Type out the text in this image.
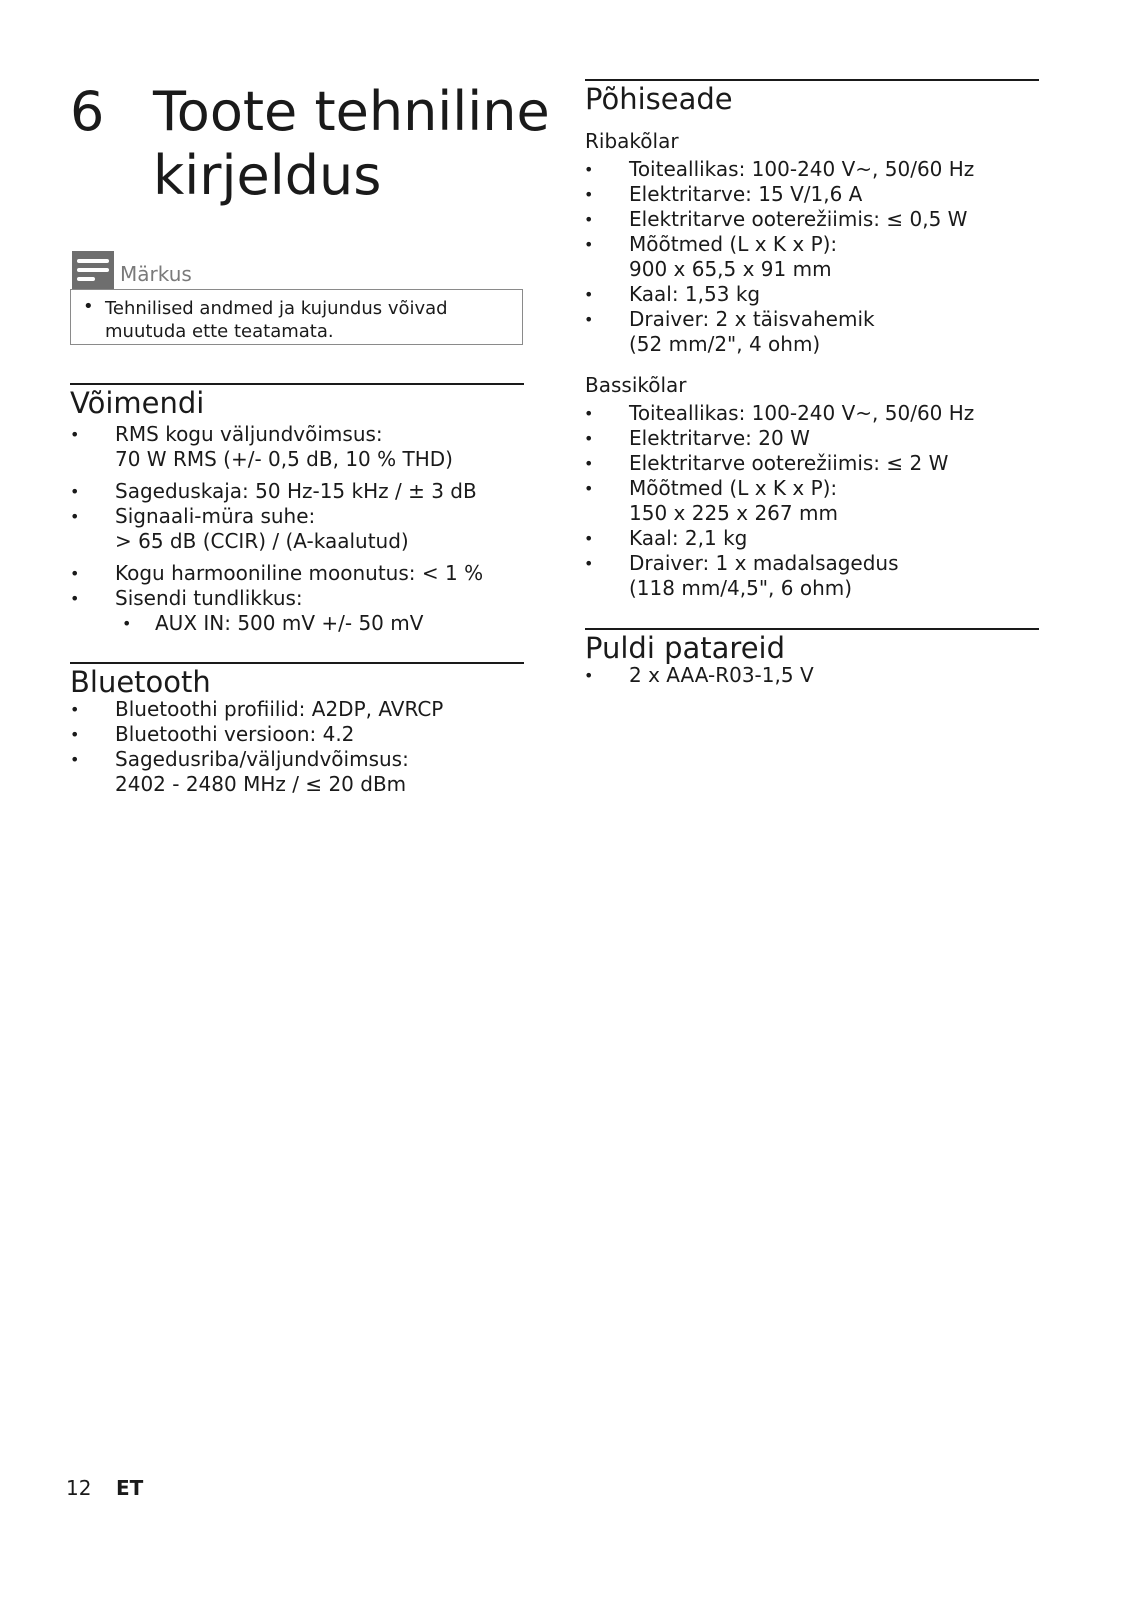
6 Toote tehniline kirjeldus
Märkus
• Tehnilised andmed ja kujundus võivad muutuda ette teatamata.
Võimendi
• RMS kogu väljundvõimsus:
70 W RMS (+/- 0,5 dB, 10 % THD)
• Sageduskaja: 50 Hz-15 kHz / ± 3 dB
• Signaali-müra suhe:
> 65 dB (CCIR) / (A-kaalutud)
• Kogu harmooniline moonutus: < 1 %
• Sisendi tundlikkus:
• AUX IN: 500 mV +/- 50 mV
Bluetooth
• Bluetoothi profiilid: A2DP, AVRCP
• Bluetoothi versioon: 4.2
• Sagedusriba/väljundvõimsus:
2402 - 2480 MHz / ≤ 20 dBm
Põhiseade
Ribakõlar
• Toiteallikas: 100-240 V~, 50/60 Hz
• Elektritarve: 15 V/1,6 A
• Elektritarve ooterežiimis: ≤ 0,5 W
• Mõõtmed (L x K x P):
900 x 65,5 x 91 mm
• Kaal: 1,53 kg
• Draiver: 2 x täisvahemik
(52 mm/2", 4 ohm)
Bassikõlar
• Toiteallikas: 100-240 V~, 50/60 Hz
• Elektritarve: 20 W
• Elektritarve ooterežiimis: ≤ 2 W
• Mõõtmed (L x K x P):
150 x 225 x 267 mm
• Kaal: 2,1 kg
• Draiver: 1 x madalsagedus
(118 mm/4,5", 6 ohm)
Puldi patareid
• 2 x AAA-R03-1,5 V
12 ET
